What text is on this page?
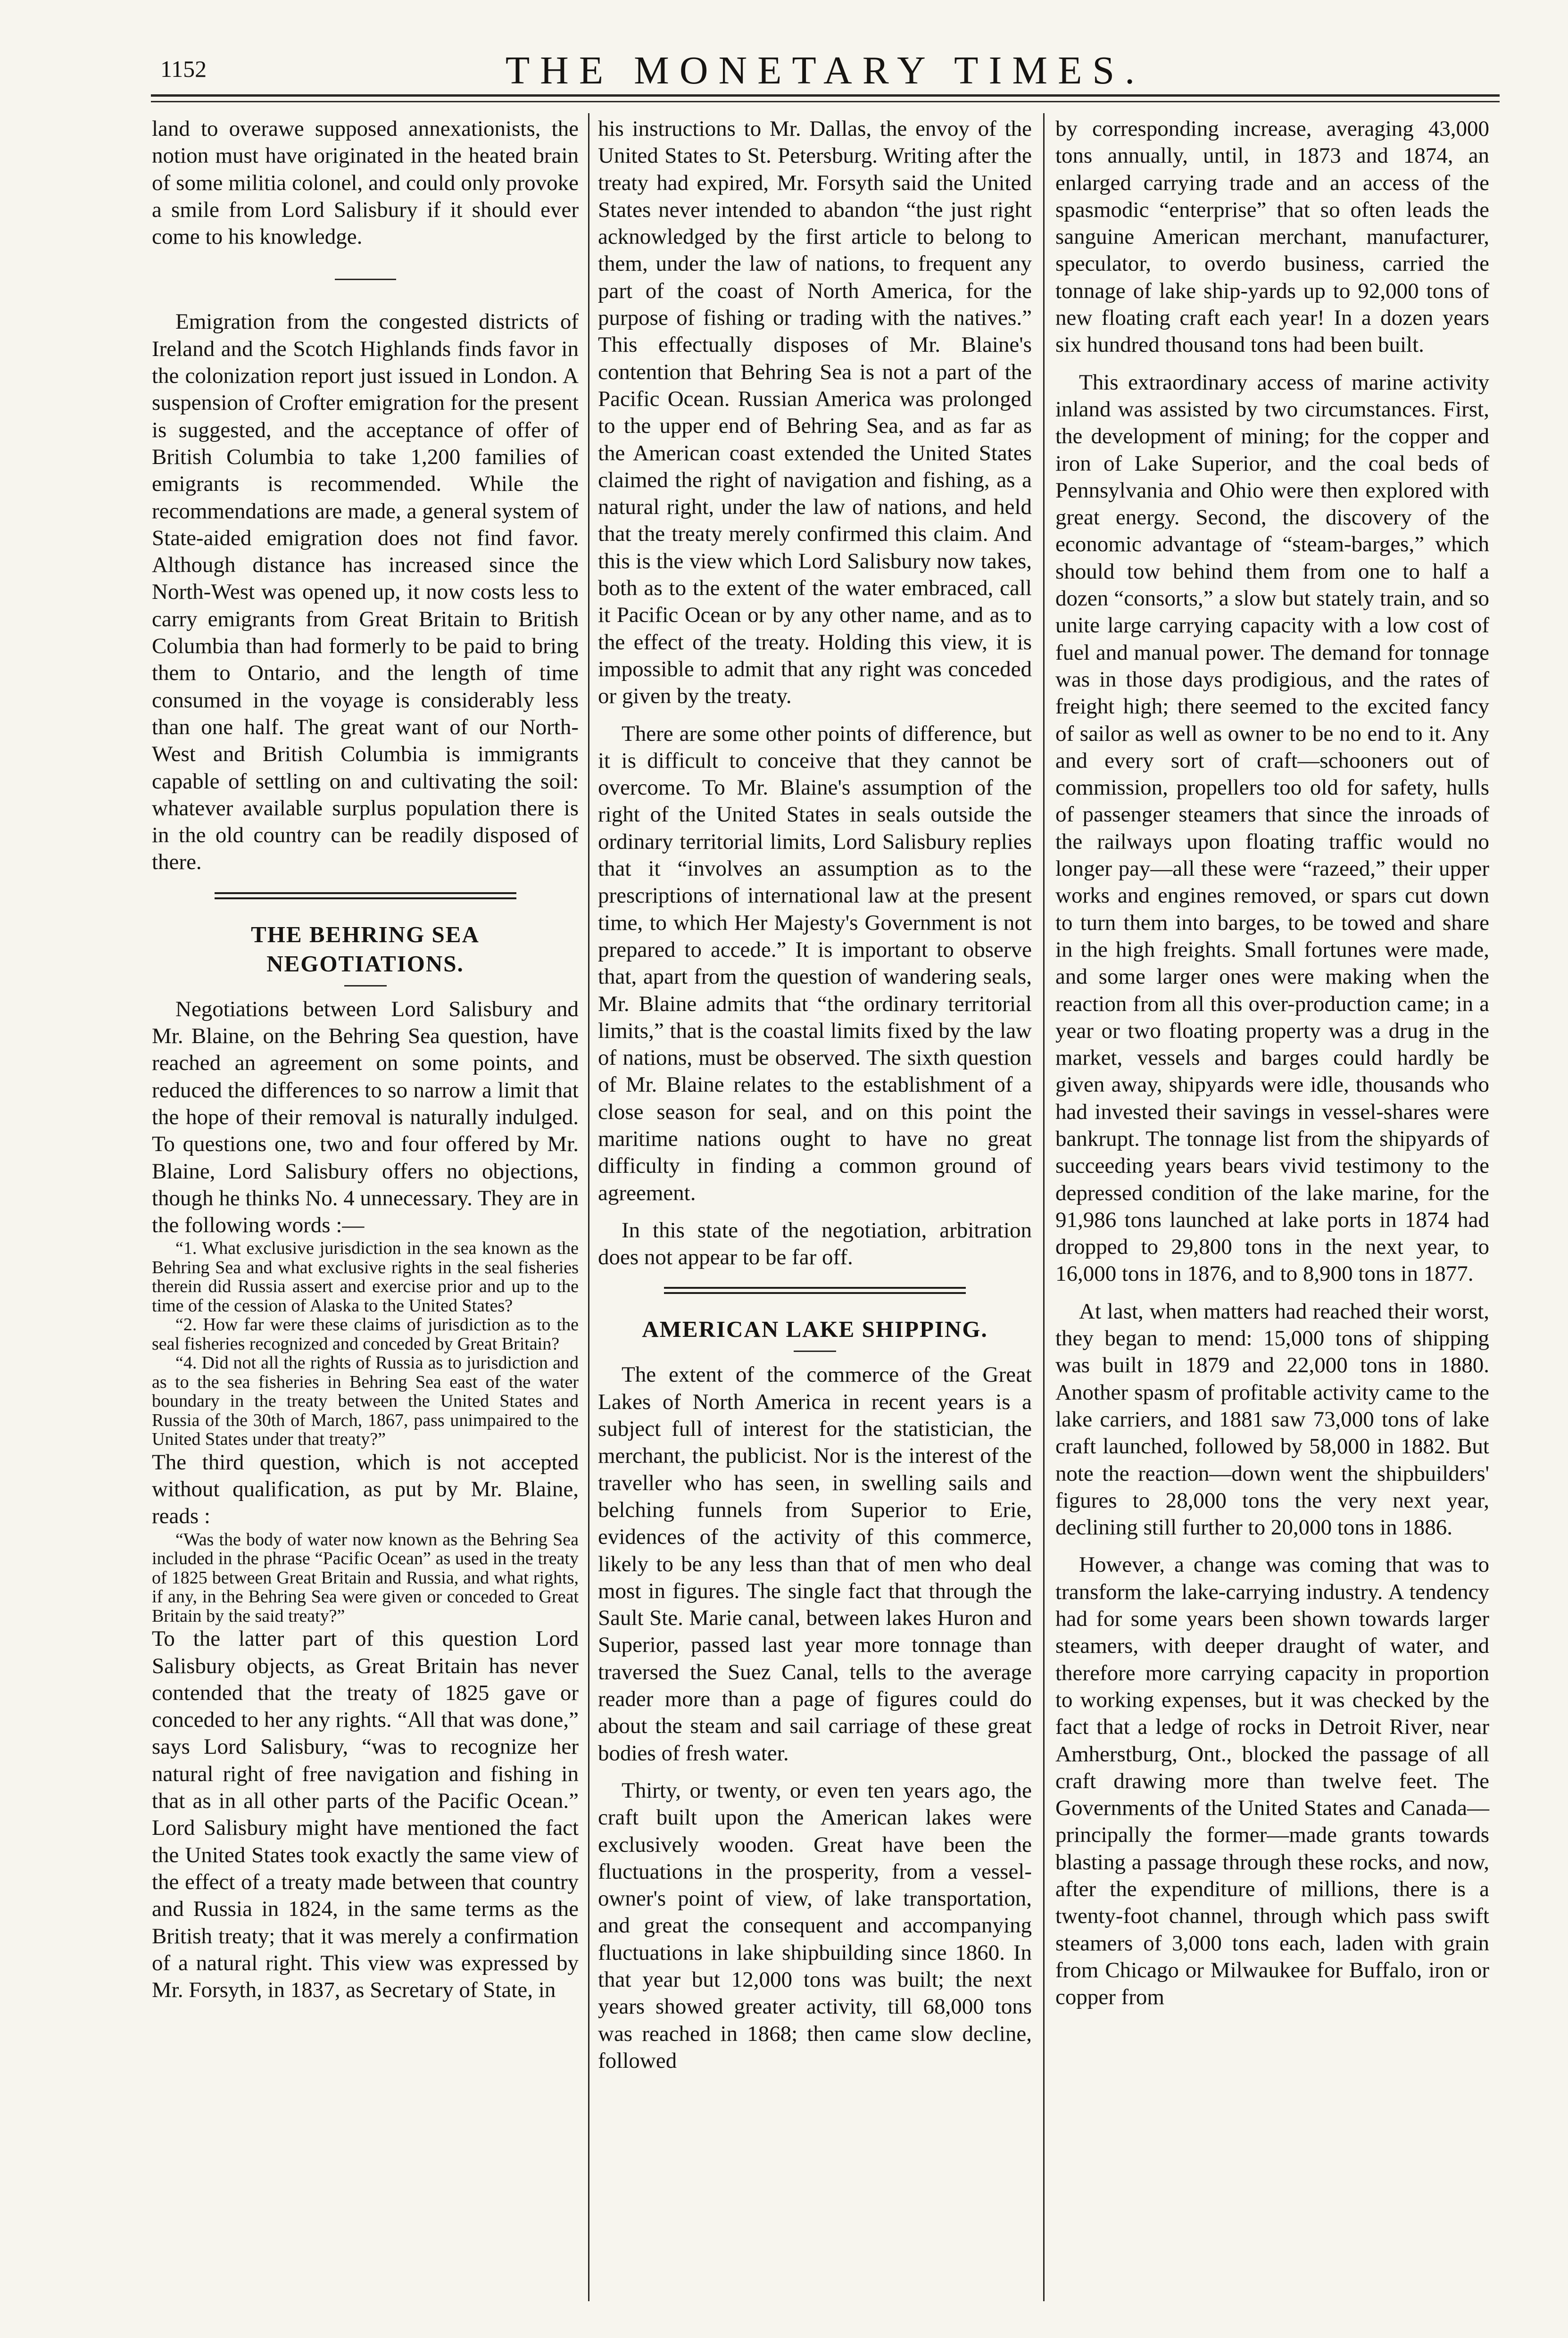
1152	THE MONETARY TIMES.

land to overawe supposed annexationists, the notion must have originated in the heated brain of some militia colonel, and could only provoke a smile from Lord Salisbury if it should ever come to his knowledge.

Emigration from the congested districts of Ireland and the Scotch Highlands finds favor in the colonization report just issued in London. A suspension of Crofter emigration for the present is suggested, and the acceptance of offer of British Columbia to take 1,200 families of emigrants is recommended. While the recommendations are made, a general system of State-aided emigration does not find favor. Although distance has increased since the North-West was opened up, it now costs less to carry emigrants from Great Britain to British Columbia than had formerly to be paid to bring them to Ontario, and the length of time consumed in the voyage is considerably less than one half. The great want of our North-West and British Columbia is immigrants capable of settling on and cultivating the soil: whatever available surplus population there is in the old country can be readily disposed of there.

THE BEHRING SEA NEGOTIATIONS.

Negotiations between Lord Salisbury and Mr. Blaine, on the Behring Sea question, have reached an agreement on some points, and reduced the differences to so narrow a limit that the hope of their removal is naturally indulged. To questions one, two and four offered by Mr. Blaine, Lord Salisbury offers no objections, though he thinks No. 4 unnecessary. They are in the following words :—

“1. What exclusive jurisdiction in the sea known as the Behring Sea and what exclusive rights in the seal fisheries therein did Russia assert and exercise prior and up to the time of the cession of Alaska to the United States?

“2. How far were these claims of jurisdiction as to the seal fisheries recognized and conceded by Great Britain?

“4. Did not all the rights of Russia as to jurisdiction and as to the sea fisheries in Behring Sea east of the water boundary in the treaty between the United States and Russia of the 30th of March, 1867, pass unimpaired to the United States under that treaty?”

The third question, which is not accepted without qualification, as put by Mr. Blaine, reads :

“Was the body of water now known as the Behring Sea included in the phrase “Pacific Ocean” as used in the treaty of 1825 between Great Britain and Russia, and what rights, if any, in the Behring Sea were given or conceded to Great Britain by the said treaty?”

To the latter part of this question Lord Salisbury objects, as Great Britain has never contended that the treaty of 1825 gave or conceded to her any rights. “All that was done,” says Lord Salisbury, “was to recognize her natural right of free navigation and fishing in that as in all other parts of the Pacific Ocean.” Lord Salisbury might have mentioned the fact the United States took exactly the same view of the effect of a treaty made between that country and Russia in 1824, in the same terms as the British treaty; that it was merely a confirmation of a natural right. This view was expressed by Mr. Forsyth, in 1837, as Secretary of State, in

his instructions to Mr. Dallas, the envoy of the United States to St. Petersburg. Writing after the treaty had expired, Mr. Forsyth said the United States never intended to abandon “the just right acknowledged by the first article to belong to them, under the law of nations, to frequent any part of the coast of North America, for the purpose of fishing or trading with the natives.” This effectually disposes of Mr. Blaine's contention that Behring Sea is not a part of the Pacific Ocean. Russian America was prolonged to the upper end of Behring Sea, and as far as the American coast extended the United States claimed the right of navigation and fishing, as a natural right, under the law of nations, and held that the treaty merely confirmed this claim. And this is the view which Lord Salisbury now takes, both as to the extent of the water embraced, call it Pacific Ocean or by any other name, and as to the effect of the treaty. Holding this view, it is impossible to admit that any right was conceded or given by the treaty.

There are some other points of difference, but it is difficult to conceive that they cannot be overcome. To Mr. Blaine's assumption of the right of the United States in seals outside the ordinary territorial limits, Lord Salisbury replies that it “involves an assumption as to the prescriptions of international law at the present time, to which Her Majesty's Government is not prepared to accede.” It is important to observe that, apart from the question of wandering seals, Mr. Blaine admits that “the ordinary territorial limits,” that is the coastal limits fixed by the law of nations, must be observed. The sixth question of Mr. Blaine relates to the establishment of a close season for seal, and on this point the maritime nations ought to have no great difficulty in finding a common ground of agreement.

In this state of the negotiation, arbitration does not appear to be far off.

AMERICAN LAKE SHIPPING.

The extent of the commerce of the Great Lakes of North America in recent years is a subject full of interest for the statistician, the merchant, the publicist. Nor is the interest of the traveller who has seen, in swelling sails and belching funnels from Superior to Erie, evidences of the activity of this commerce, likely to be any less than that of men who deal most in figures. The single fact that through the Sault Ste. Marie canal, between lakes Huron and Superior, passed last year more tonnage than traversed the Suez Canal, tells to the average reader more than a page of figures could do about the steam and sail carriage of these great bodies of fresh water.

Thirty, or twenty, or even ten years ago, the craft built upon the American lakes were exclusively wooden. Great have been the fluctuations in the prosperity, from a vessel-owner's point of view, of lake transportation, and great the consequent and accompanying fluctuations in lake shipbuilding since 1860. In that year but 12,000 tons was built; the next years showed greater activity, till 68,000 tons was reached in 1868; then came slow decline, followed

by corresponding increase, averaging 43,000 tons annually, until, in 1873 and 1874, an enlarged carrying trade and an access of the spasmodic “enterprise” that so often leads the sanguine American merchant, manufacturer, speculator, to overdo business, carried the tonnage of lake ship-yards up to 92,000 tons of new floating craft each year! In a dozen years six hundred thousand tons had been built.

This extraordinary access of marine activity inland was assisted by two circumstances. First, the development of mining; for the copper and iron of Lake Superior, and the coal beds of Pennsylvania and Ohio were then explored with great energy. Second, the discovery of the economic advantage of “steam-barges,” which should tow behind them from one to half a dozen “consorts,” a slow but stately train, and so unite large carrying capacity with a low cost of fuel and manual power. The demand for tonnage was in those days prodigious, and the rates of freight high; there seemed to the excited fancy of sailor as well as owner to be no end to it. Any and every sort of craft—schooners out of commission, propellers too old for safety, hulls of passenger steamers that since the inroads of the railways upon floating traffic would no longer pay—all these were “razeed,” their upper works and engines removed, or spars cut down to turn them into barges, to be towed and share in the high freights. Small fortunes were made, and some larger ones were making when the reaction from all this over-production came; in a year or two floating property was a drug in the market, vessels and barges could hardly be given away, shipyards were idle, thousands who had invested their savings in vessel-shares were bankrupt. The tonnage list from the shipyards of succeeding years bears vivid testimony to the depressed condition of the lake marine, for the 91,986 tons launched at lake ports in 1874 had dropped to 29,800 tons in the next year, to 16,000 tons in 1876, and to 8,900 tons in 1877.

At last, when matters had reached their worst, they began to mend: 15,000 tons of shipping was built in 1879 and 22,000 tons in 1880. Another spasm of profitable activity came to the lake carriers, and 1881 saw 73,000 tons of lake craft launched, followed by 58,000 in 1882. But note the reaction—down went the shipbuilders' figures to 28,000 tons the very next year, declining still further to 20,000 tons in 1886.

However, a change was coming that was to transform the lake-carrying industry. A tendency had for some years been shown towards larger steamers, with deeper draught of water, and therefore more carrying capacity in proportion to working expenses, but it was checked by the fact that a ledge of rocks in Detroit River, near Amherstburg, Ont., blocked the passage of all craft drawing more than twelve feet. The Governments of the United States and Canada—principally the former—made grants towards blasting a passage through these rocks, and now, after the expenditure of millions, there is a twenty-foot channel, through which pass swift steamers of 3,000 tons each, laden with grain from Chicago or Milwaukee for Buffalo, iron or copper from
